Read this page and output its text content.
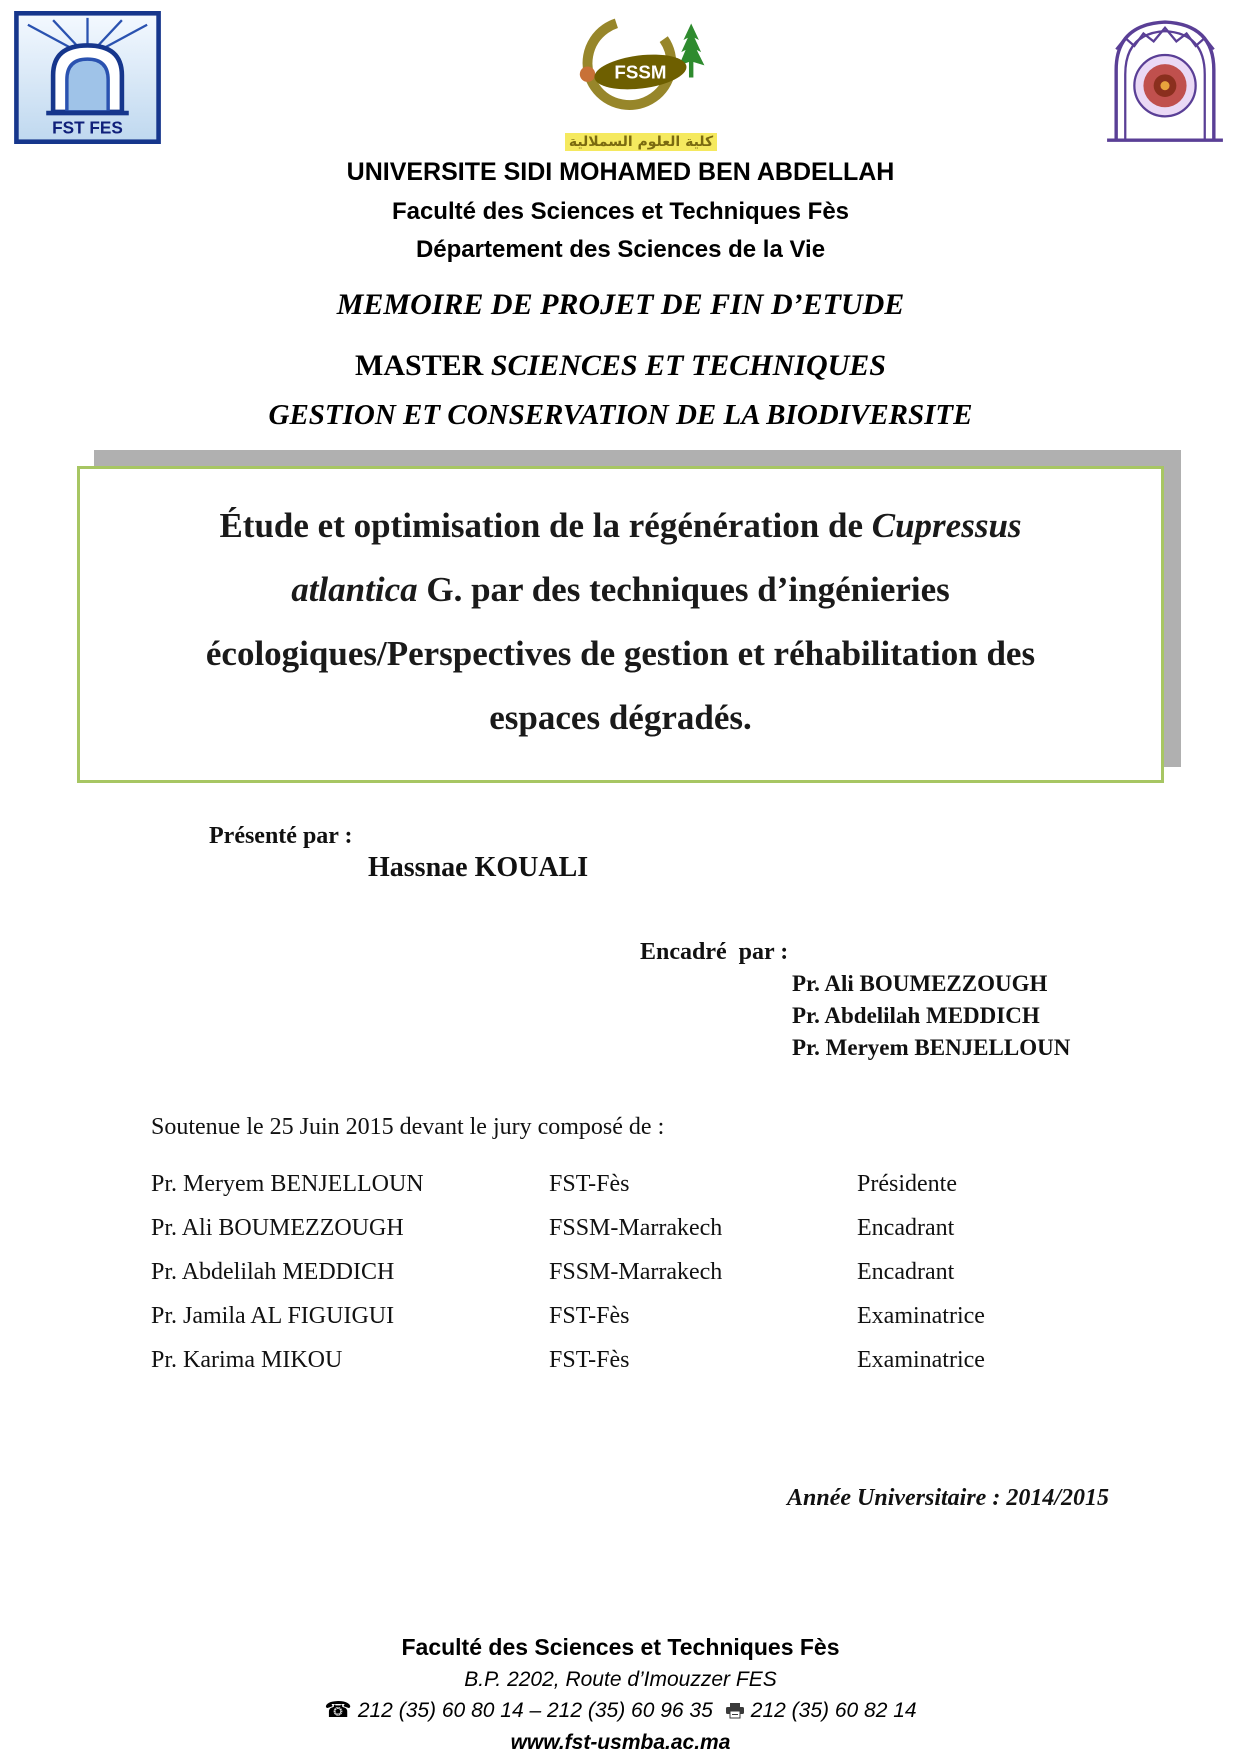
FST FES
FSSM
كلية العلوم السملالية
UNIVERSITE SIDI MOHAMED BEN ABDELLAH
Faculté des Sciences et Techniques Fès
Département des Sciences de la Vie
MEMOIRE DE PROJET DE FIN D’ETUDE
MASTER SCIENCES ET TECHNIQUES
GESTION ET CONSERVATION DE LA BIODIVERSITE
Étude et optimisation de la régénération de Cupressus
atlantica G. par des techniques d’ingénieries
écologiques/Perspectives de gestion et réhabilitation des
espaces dégradés.
Présenté par :
Hassnae KOUALI
Encadré  par :
Pr. Ali BOUMEZZOUGH
Pr. Abdelilah MEDDICH
Pr. Meryem BENJELLOUN
Soutenue le 25 Juin 2015 devant le jury composé de :
Pr. Meryem BENJELLOUN	FST-Fès	Présidente
Pr. Ali BOUMEZZOUGH	FSSM-Marrakech	Encadrant
Pr. Abdelilah MEDDICH	FSSM-Marrakech	Encadrant
Pr. Jamila AL FIGUIGUI	FST-Fès	Examinatrice
Pr. Karima MIKOU	FST-Fès	Examinatrice
Année Universitaire : 2014/2015
Faculté des Sciences et Techniques Fès
B.P. 2202, Route d’Imouzzer FES
☎ 212 (35) 60 80 14 – 212 (35) 60 96 35 212 (35) 60 82 14
www.fst-usmba.ac.ma
